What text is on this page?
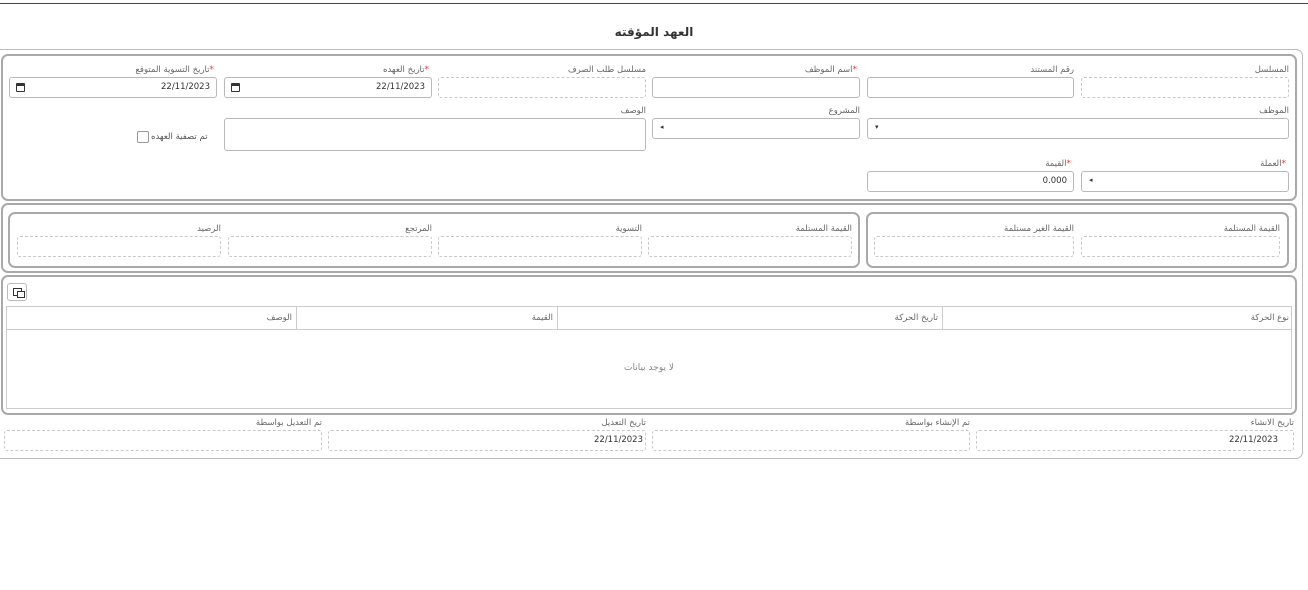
العهد المؤقته
المسلسل
رقم المستند
*اسم الموظف
مسلسل طلب الصرف
*تاريخ العهده
22/11/2023
*تاريخ التسوية المتوقع
22/11/2023
الموظف
▾
المشروع
◂
الوصف
تم تصفية العهده
*العملة
◂
*القيمة
0.000
القيمة المستلمة
القيمة الغير مستلمة
القيمة المستلمة
التسوية
المرتجع
الرصيد
نوع الحركة
تاريخ الحركة
القيمة
الوصف
لا يوجد بيانات
تاريخ الانشاء
22/11/2023
تم الإنشاء بواسطة
تاريخ التعديل
22/11/2023
تم التعديل بواسطة
